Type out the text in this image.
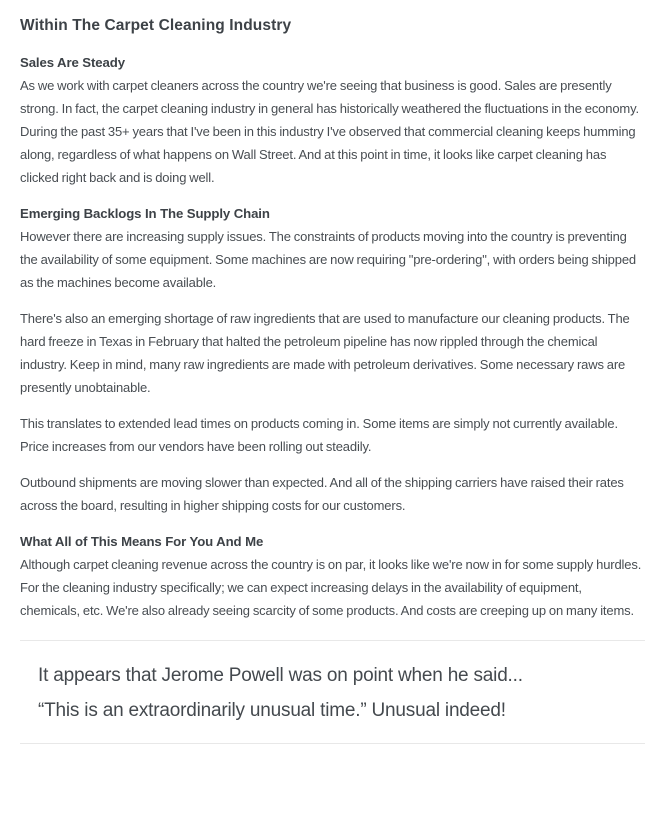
Within The Carpet Cleaning Industry
Sales Are Steady

As we work with carpet cleaners across the country we're seeing that business is good. Sales are presently strong. In fact, the carpet cleaning industry in general has historically weathered the fluctuations in the economy. During the past 35+ years that I've been in this industry I've observed that commercial cleaning keeps humming along, regardless of what happens on Wall Street. And at this point in time, it looks like carpet cleaning has clicked right back and is doing well.

Emerging Backlogs In The Supply Chain

However there are increasing supply issues. The constraints of products moving into the country is preventing the availability of some equipment. Some machines are now requiring "pre-ordering", with orders being shipped as the machines become available.

There's also an emerging shortage of raw ingredients that are used to manufacture our cleaning products. The hard freeze in Texas in February that halted the petroleum pipeline has now rippled through the chemical industry. Keep in mind, many raw ingredients are made with petroleum derivatives. Some necessary raws are presently unobtainable.

This translates to extended lead times on products coming in. Some items are simply not currently available. Price increases from our vendors have been rolling out steadily.

Outbound shipments are moving slower than expected. And all of the shipping carriers have raised their rates across the board, resulting in higher shipping costs for our customers.

What All of This Means For You And Me

Although carpet cleaning revenue across the country is on par, it looks like we're now in for some supply hurdles. For the cleaning industry specifically; we can expect increasing delays in the availability of equipment, chemicals, etc. We're also already seeing scarcity of some products. And costs are creeping up on many items.

It appears that Jerome Powell was on point when he said...

“This is an extraordinarily unusual time.” Unusual indeed!
